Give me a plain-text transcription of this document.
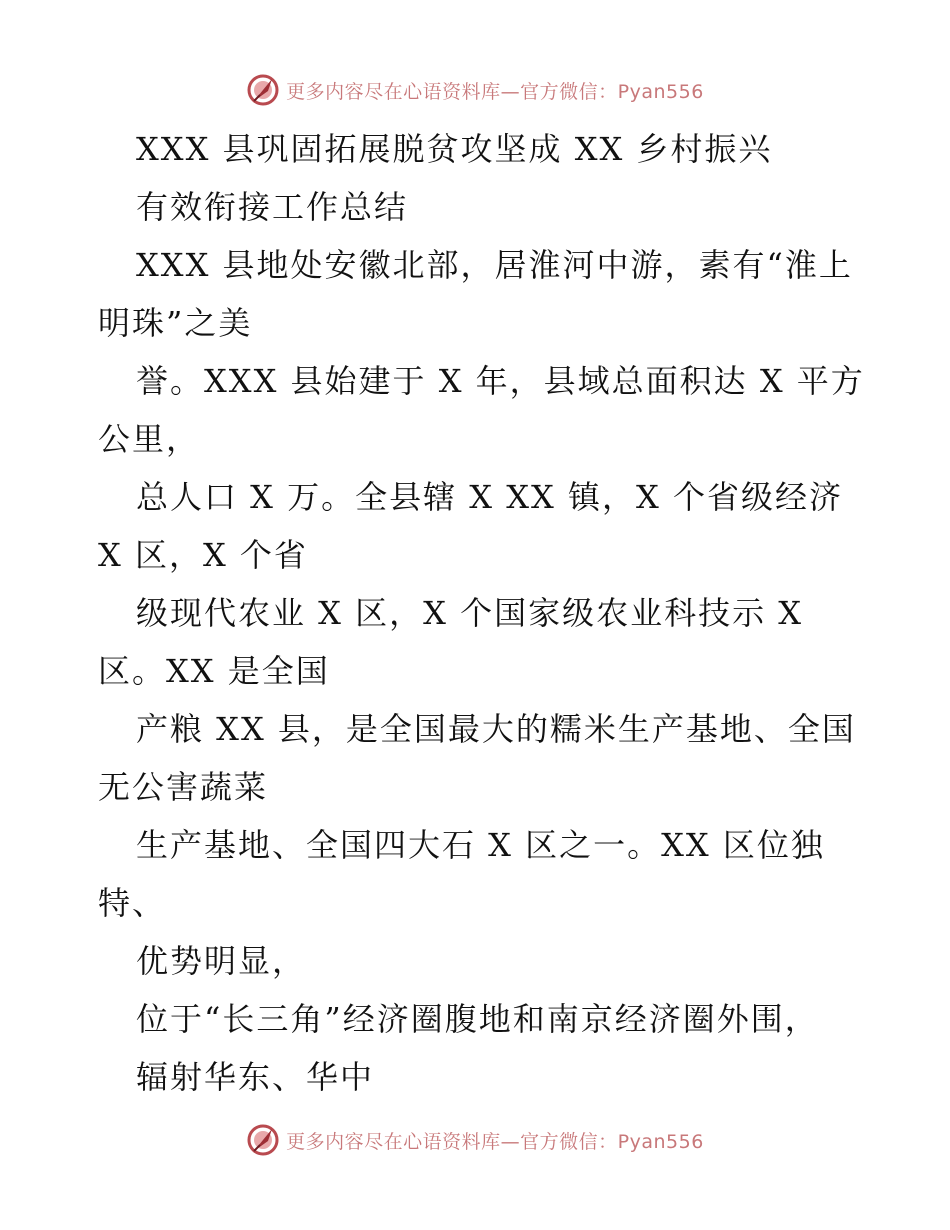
更多内容尽在心语资料库—官方微信：Pyan556
XXX 县巩固拓展脱贫攻坚成 XX 乡村振兴
有效衔接工作总结
XXX 县地处安徽北部，居淮河中游，素有“淮上
明珠”之美
誉。XXX 县始建于 X 年，县域总面积达 X 平方
公里，
总人口 X 万。全县辖 X XX 镇，X 个省级经济
X 区，X 个省
级现代农业 X 区，X 个国家级农业科技示 X
区。XX 是全国
产粮 XX 县，是全国最大的糯米生产基地、全国
无公害蔬菜
生产基地、全国四大石 X 区之一。XX 区位独
特、
优势明显，
位于“长三角”经济圈腹地和南京经济圈外围，
辐射华东、华中
更多内容尽在心语资料库—官方微信：Pyan556
